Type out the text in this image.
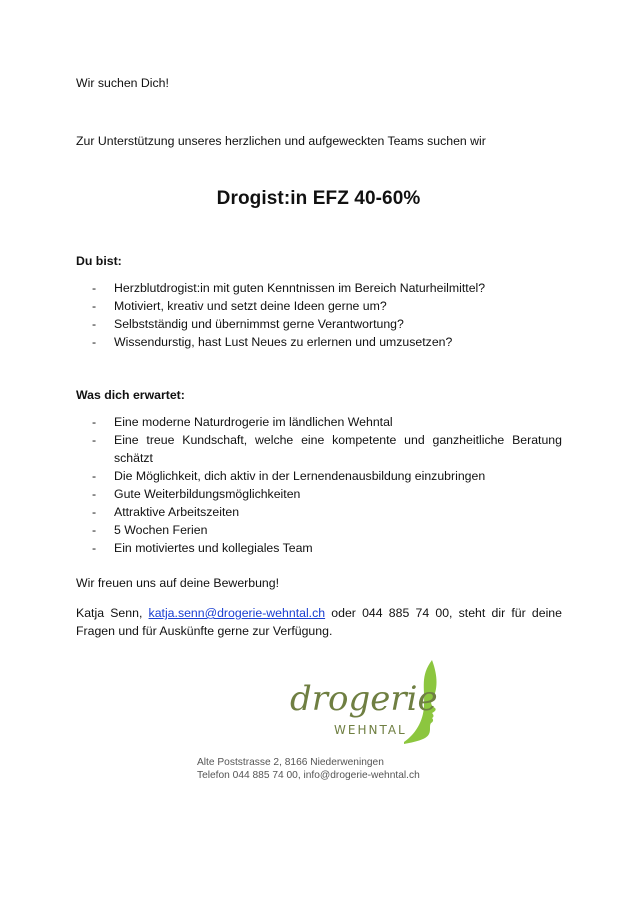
Wir suchen Dich!

Zur Unterstützung unseres herzlichen und aufgeweckten Teams suchen wir

Drogist:in EFZ 40-60%
Du bist:
- Herzblutdrogist:in mit guten Kenntnissen im Bereich Naturheilmittel?
- Motiviert, kreativ und setzt deine Ideen gerne um?
- Selbstständig und übernimmst gerne Verantwortung?
- Wissendurstig, hast Lust Neues zu erlernen und umzusetzen?
Was dich erwartet:
- Eine moderne Naturdrogerie im ländlichen Wehntal
- Eine treue Kundschaft, welche eine kompetente und ganzheitliche Beratung schätzt
- Die Möglichkeit, dich aktiv in der Lernendenausbildung einzubringen
- Gute Weiterbildungsmöglichkeiten
- Attraktive Arbeitszeiten
- 5 Wochen Ferien
- Ein motiviertes und kollegiales Team

Wir freuen uns auf deine Bewerbung!

Katja Senn, katja.senn@drogerie-wehntal.ch oder 044 885 74 00, steht dir für deine Fragen und für Auskünfte gerne zur Verfügung.

drogerie
WEHNTAL

Alte Poststrasse 2, 8166 Niederweningen
Telefon 044 885 74 00, info@drogerie-wehntal.ch
